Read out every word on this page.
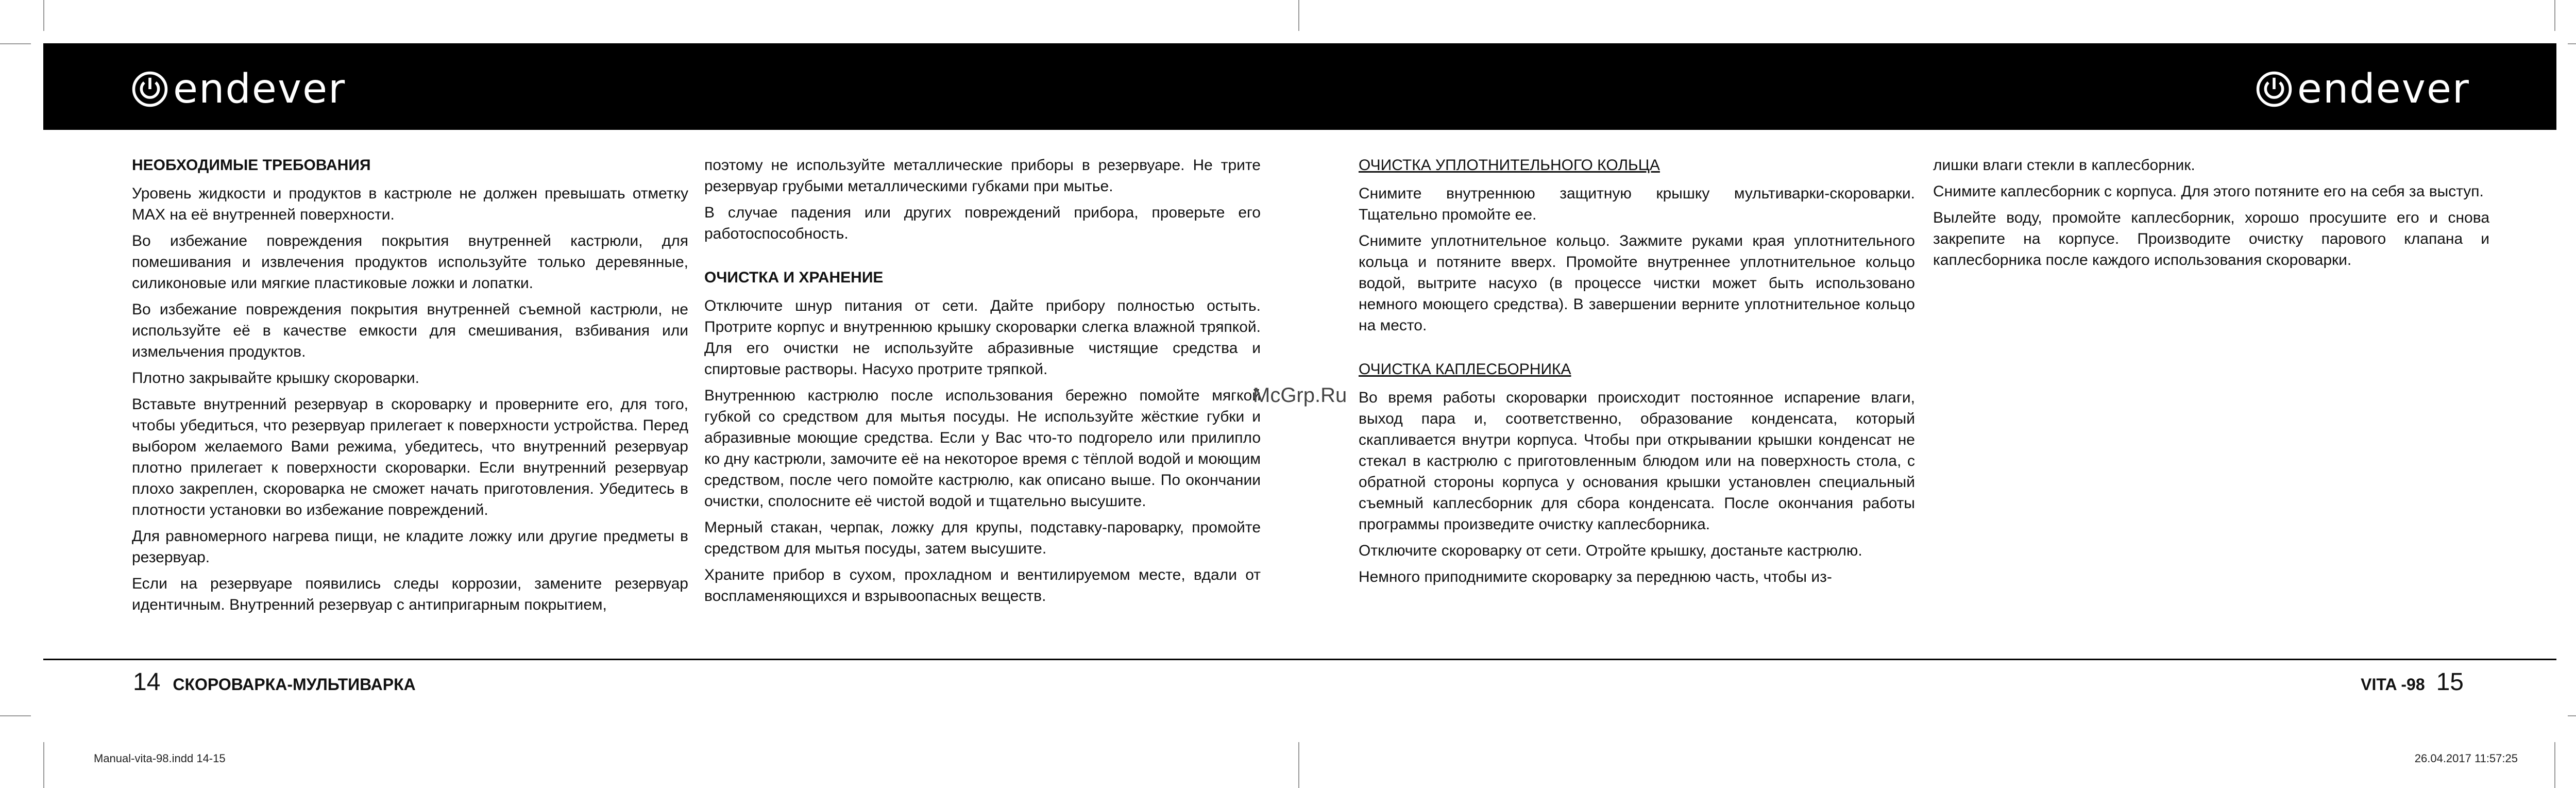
endever	endever

НЕОБХОДИМЫЕ ТРЕБОВАНИЯ

Уровень жидкости и продуктов в кастрюле не должен превышать отметку MAX на её внутренней поверхности.

Во избежание повреждения покрытия внутренней кастрюли, для помешивания и извлечения продуктов используйте только деревянные, силиконовые или мягкие пластиковые ложки и лопатки.

Во избежание повреждения покрытия внутренней съемной кастрюли, не используйте её в качестве емкости для смешивания, взбивания или измельчения продуктов.

Плотно закрывайте крышку скороварки.

Вставьте внутренний резервуар в скороварку и проверните его, для того, чтобы убедиться, что резервуар прилегает к поверхности устройства. Перед выбором желаемого Вами режима, убедитесь, что внутренний резервуар плотно прилегает к поверхности скороварки. Если внутренний резервуар плохо закреплен, скороварка не сможет начать приготовления. Убедитесь в плотности установки во избежание повреждений.

Для равномерного нагрева пищи, не кладите ложку или другие предметы в резервуар.

Если на резервуаре появились следы коррозии, замените резервуар идентичным. Внутренний резервуар с антипригарным покрытием,

поэтому не используйте металлические приборы в резервуаре. Не трите резервуар грубыми металлическими губками при мытье.

В случае падения или других повреждений прибора, проверьте его работоспособность.

ОЧИСТКА И ХРАНЕНИЕ

Отключите шнур питания от сети. Дайте прибору полностью остыть. Протрите корпус и внутреннюю крышку скороварки слегка влажной тряпкой. Для его очистки не используйте абразивные чистящие средства и спиртовые растворы. Насухо протрите тряпкой.

Внутреннюю кастрюлю после использования бережно помойте мягкой губкой со средством для мытья посуды. Не используйте жёсткие губки и абразивные моющие средства. Если у Вас что-то подгорело или прилипло ко дну кастрюли, замочите её на некоторое время с тёплой водой и моющим средством, после чего помойте кастрюлю, как описано выше. По окончании очистки, сполосните её чистой водой и тщательно высушите.

Мерный стакан, черпак, ложку для крупы, подставку-пароварку, промойте средством для мытья посуды, затем высушите.

Храните прибор в сухом, прохладном и вентилируемом месте, вдали от воспламеняющихся и взрывоопасных веществ.

ОЧИСТКА УПЛОТНИТЕЛЬНОГО КОЛЬЦА

Снимите внутреннюю защитную крышку мультиварки-скороварки. Тщательно промойте ее.

Снимите уплотнительное кольцо. Зажмите руками края уплотнительного кольца и потяните вверх. Промойте внутреннее уплотнительное кольцо водой, вытрите насухо (в процессе чистки может быть использовано немного моющего средства). В завершении верните уплотнительное кольцо на место.

ОЧИСТКА КАПЛЕСБОРНИКА

Во время работы скороварки происходит постоянное испарение влаги, выход пара и, соответственно, образование конденсата, который скапливается внутри корпуса. Чтобы при открывании крышки конденсат не стекал в кастрюлю с приготовленным блюдом или на поверхность стола, с обратной стороны корпуса у основания крышки установлен специальный съемный каплесборник для сбора конденсата. После окончания работы программы произведите очистку каплесборника.

Отключите скороварку от сети. Отройте крышку, достаньте кастрюлю.

Немного приподнимите скороварку за переднюю часть, чтобы из-

лишки влаги стекли в каплесборник.

Снимите каплесборник с корпуса. Для этого потяните его на себя за выступ.

Вылейте воду, промойте каплесборник, хорошо просушите его и снова закрепите на корпусе. Производите очистку парового клапана и каплесборника после каждого использования скороварки.

McGrp.Ru
14 СКОРОВАРКА-МУЛЬТИВАРКА	VITA -98 15
Manual-vita-98.indd 14-15	26.04.2017 11:57:25
